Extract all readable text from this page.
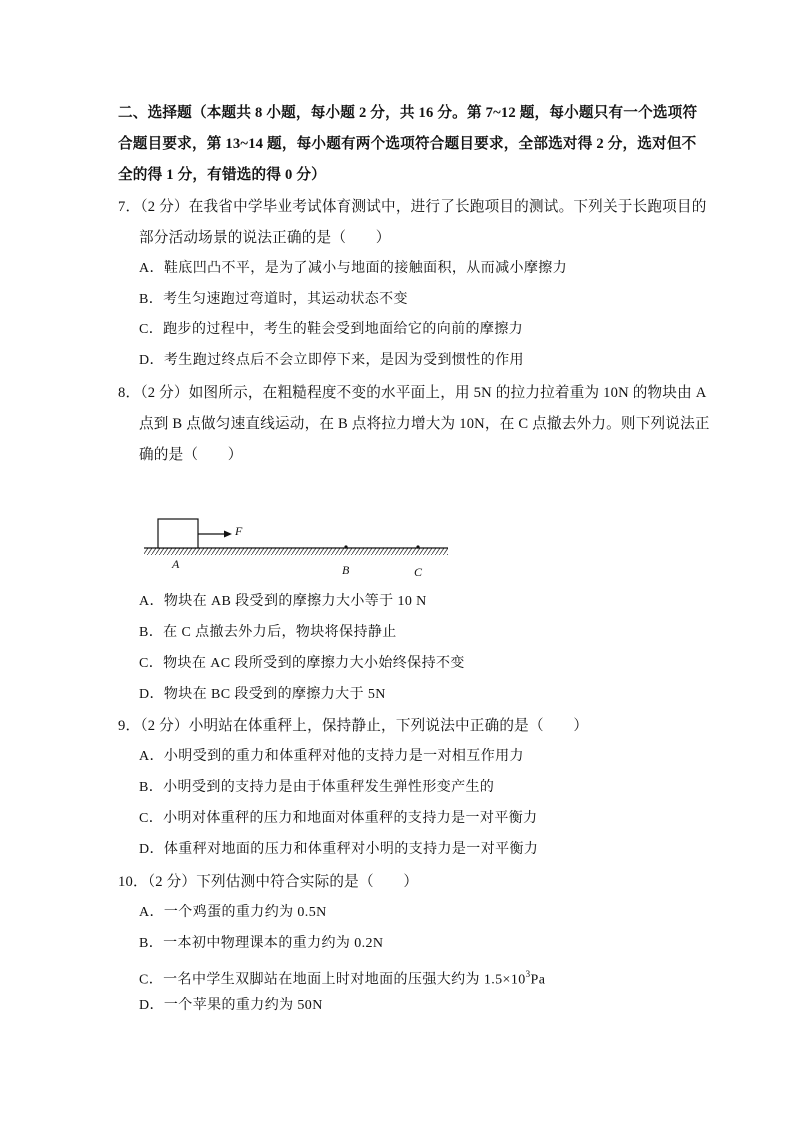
二、选择题（本题共 8 小题，每小题 2 分，共 16 分。第 7~12 题，每小题只有一个选项符
合题目要求，第 13~14 题，每小题有两个选项符合题目要求，全部选对得 2 分，选对但不
全的得 1 分，有错选的得 0 分）
7．（2 分）在我省中学毕业考试体育测试中，进行了长跑项目的测试。下列关于长跑项目的
部分活动场景的说法正确的是（　　）
A．鞋底凹凸不平，是为了减小与地面的接触面积，从而减小摩擦力
B．考生匀速跑过弯道时，其运动状态不变
C．跑步的过程中，考生的鞋会受到地面给它的向前的摩擦力
D．考生跑过终点后不会立即停下来，是因为受到惯性的作用
8．（2 分）如图所示，在粗糙程度不变的水平面上，用 5N 的拉力拉着重为 10N 的物块由 A
点到 B 点做匀速直线运动，在 B 点将拉力增大为 10N，在 C 点撤去外力。则下列说法正
确的是（　　）
F
A	B	C
A．物块在 AB 段受到的摩擦力大小等于 10 N
B．在 C 点撤去外力后，物块将保持静止
C．物块在 AC 段所受到的摩擦力大小始终保持不变
D．物块在 BC 段受到的摩擦力大于 5N
9．（2 分）小明站在体重秤上，保持静止，下列说法中正确的是（　　）
A．小明受到的重力和体重秤对他的支持力是一对相互作用力
B．小明受到的支持力是由于体重秤发生弹性形变产生的
C．小明对体重秤的压力和地面对体重秤的支持力是一对平衡力
D．体重秤对地面的压力和体重秤对小明的支持力是一对平衡力
10．（2 分）下列估测中符合实际的是（　　）
A．一个鸡蛋的重力约为 0.5N
B．一本初中物理课本的重力约为 0.2N
C．一名中学生双脚站在地面上时对地面的压强大约为 $1.5\times 10^3Pa$
D．一个苹果的重力约为 50N
